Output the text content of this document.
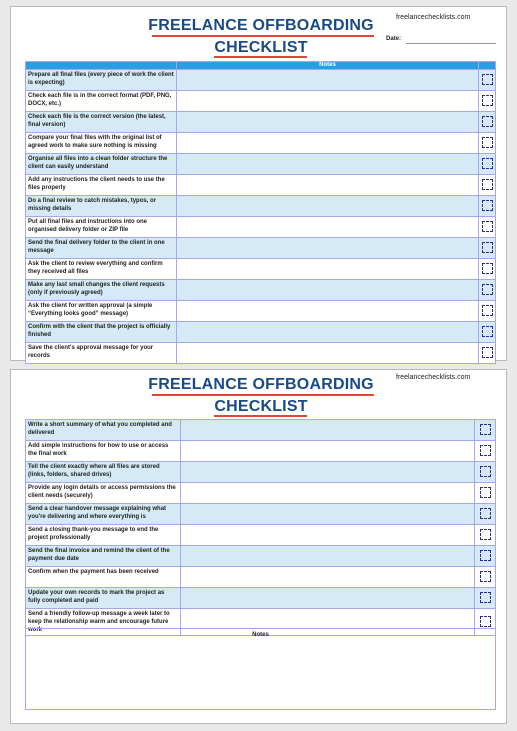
freelancechecklists.com
FREELANCE OFFBOARDING
CHECKLIST	Date:
	Notes	
Prepare all final files (every piece of work the client is expecting)		
Check each file is in the correct format (PDF, PNG, DOCX, etc.)		
Check each file is the correct version (the latest, final version)		
Compare your final files with the original list of agreed work to make sure nothing is missing		
Organise all files into a clean folder structure the client can easily understand		
Add any instructions the client needs to use the files properly		
Do a final review to catch mistakes, typos, or missing details		
Put all final files and instructions into one organised delivery folder or ZIP file		
Send the final delivery folder to the client in one message		
Ask the client to review everything and confirm they received all files		
Make any last small changes the client requests (only if previously agreed)		
Ask the client for written approval (a simple “Everything looks good” message)		
Confirm with the client that the project is officially finished		
Save the client's approval message for your records		
freelancechecklists.com
FREELANCE OFFBOARDING
CHECKLIST
Write a short summary of what you completed and delivered		
Add simple instructions for how to use or access the final work		
Tell the client exactly where all files are stored (links, folders, shared drives)		
Provide any login details or access permissions the client needs (securely)		
Send a clear handover message explaining what you're delivering and where everything is		
Send a closing thank-you message to end the project professionally		
Send the final invoice and remind the client of the payment due date		
Confirm when the payment has been received		
Update your own records to mark the project as fully completed and paid		
Send a friendly follow-up message a week later to keep the relationship warm and encourage future work		
Notes
